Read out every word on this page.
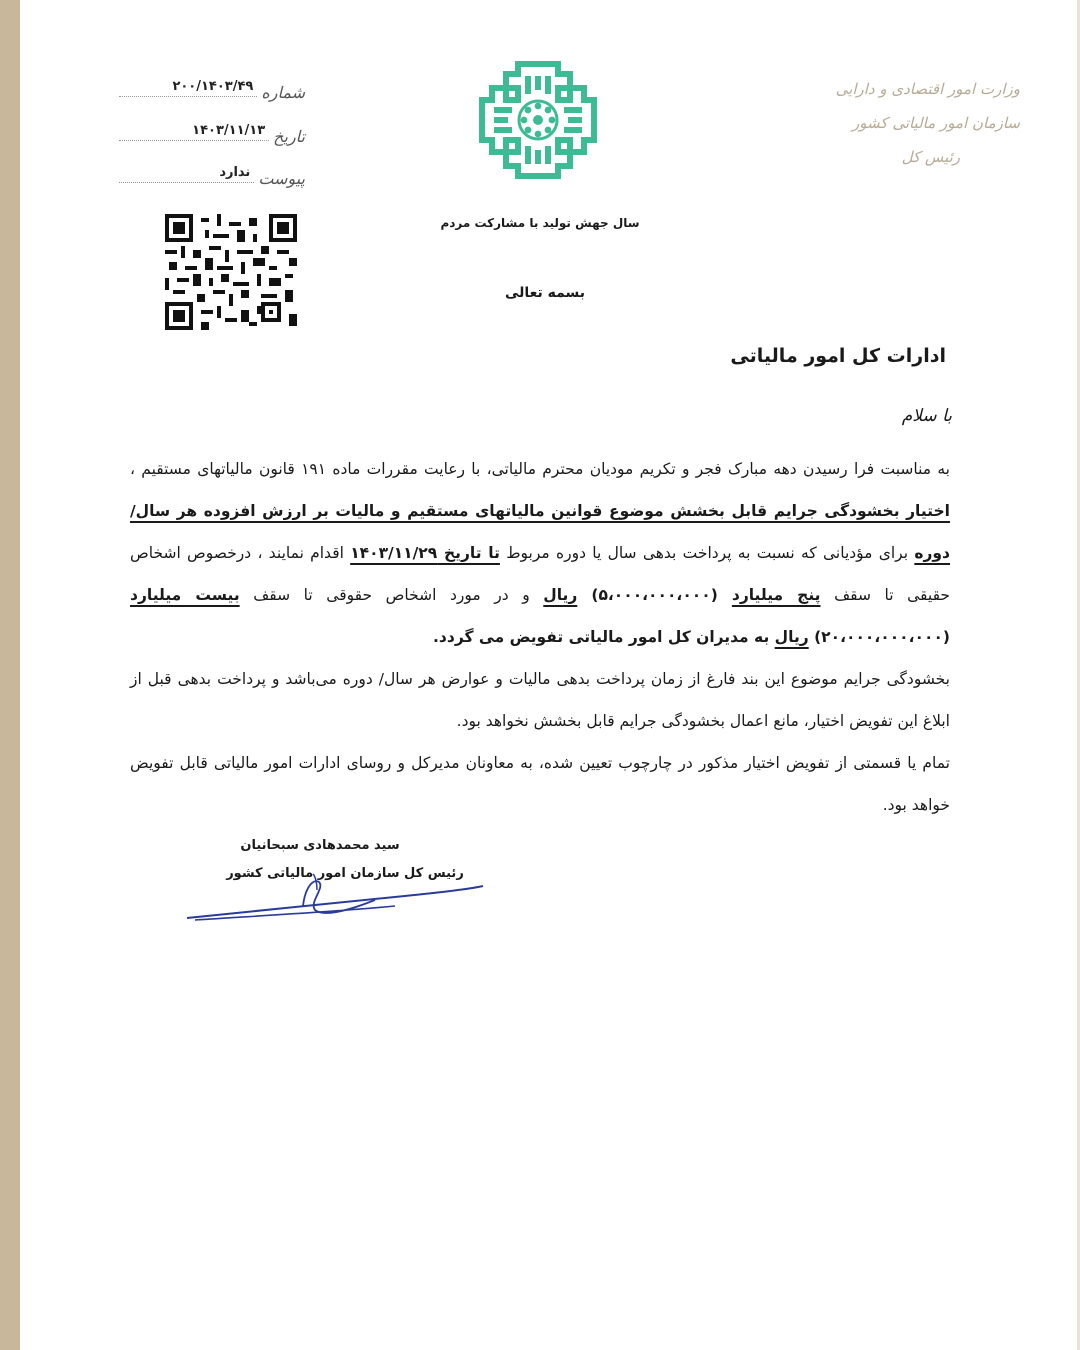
شماره
۲۰۰/۱۴۰۳/۴۹
تاریخ
۱۴۰۳/۱۱/۱۳
پیوست
ندارد
وزارت امور اقتصادی و دارایی
سازمان امور مالیاتی کشور
رئیس کل
سال جهش تولید با مشارکت مردم
بسمه تعالی
ادارات کل امور مالیاتی
با سلام

به مناسبت فرا رسیدن دهه مبارک فجر و تکریم مودیان محترم مالیاتی، با رعایت مقررات ماده ۱۹۱ قانون مالیاتهای مستقیم ، اختیار بخشودگی جرایم قابل بخشش موضوع قوانین مالیاتهای مستقیم و مالیات بر ارزش افزوده هر سال/ دوره برای مؤدیانی که نسبت به پرداخت بدهی سال یا دوره مربوط تا تاریخ ۱۴۰۳/۱۱/۲۹ اقدام نمایند ، درخصوص اشخاص حقیقی تا سقف پنج میلیارد (۵،۰۰۰،۰۰۰،۰۰۰) ریال و در مورد اشخاص حقوقی تا سقف بیست میلیارد (۲۰،۰۰۰،۰۰۰،۰۰۰) ریال به مدیران کل امور مالیاتی تفویض می گردد.

بخشودگی جرایم موضوع این بند فارغ از زمان پرداخت بدهی مالیات و عوارض هر سال/ دوره می‌باشد و پرداخت بدهی قبل از ابلاغ این تفویض اختیار، مانع اعمال بخشودگی جرایم قابل بخشش نخواهد بود.

تمام یا قسمتی از تفویض اختیار مذکور در چارچوب تعیین شده، به معاونان مدیرکل و روسای ادارات امور مالیاتی قابل تفویض خواهد بود.

سید محمدهادی سبحانیان
رئیس کل سازمان امور مالیاتی کشور
